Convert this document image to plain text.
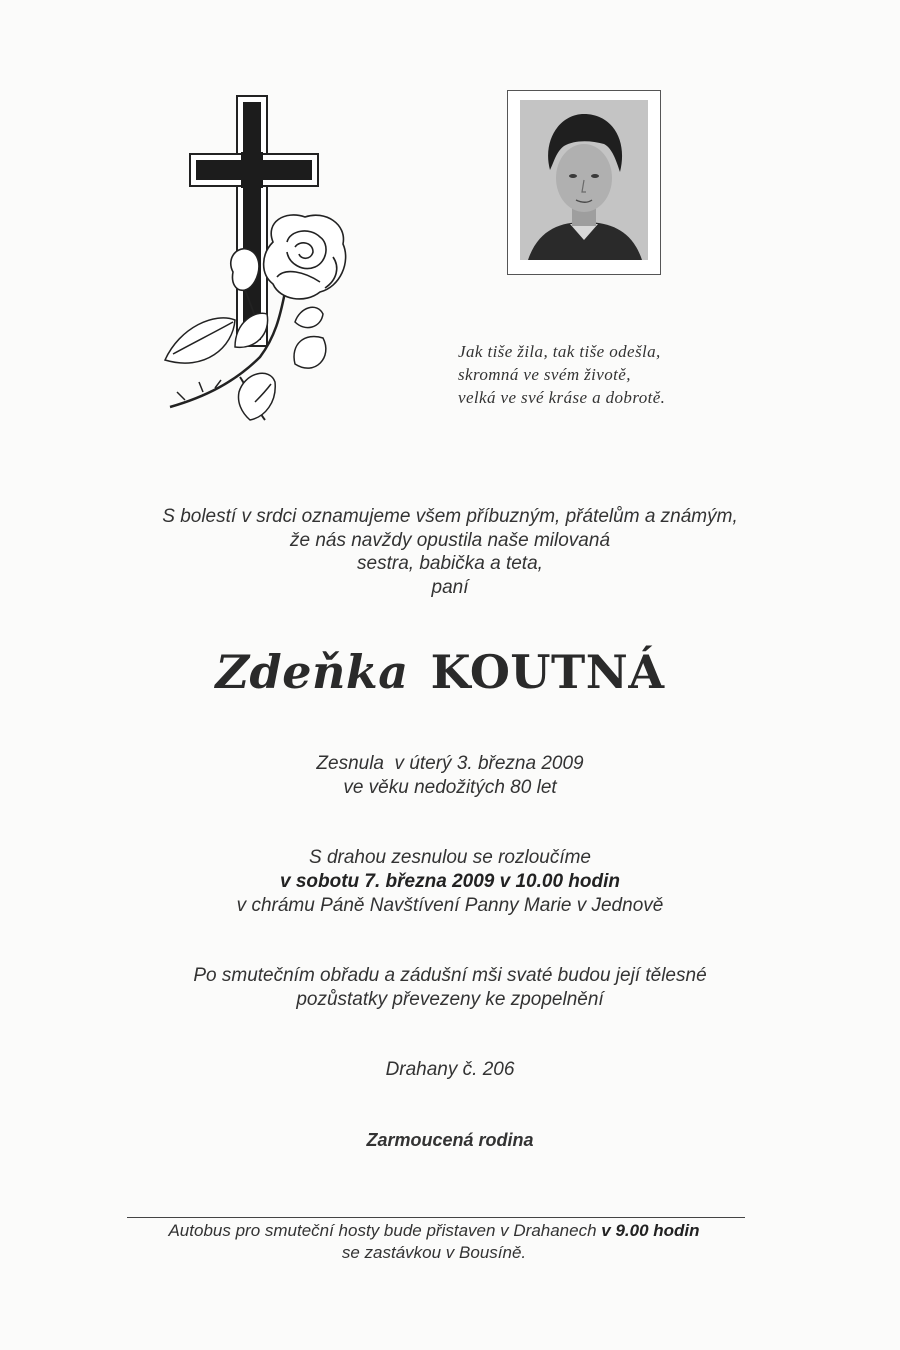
Jak tiše žila, tak tiše odešla,
skromná ve svém životě,
velká ve své kráse a dobrotě.
S bolestí v srdci oznamujeme všem příbuzným, přátelům a známým,
že nás navždy opustila naše milovaná
sestra, babička a teta,
paní
Zdeňka KOUTNÁ
Zesnula  v úterý 3. března 2009
ve věku nedožitých 80 let
S drahou zesnulou se rozloučíme
v sobotu 7. března 2009 v 10.00 hodin
v chrámu Páně Navštívení Panny Marie v Jednově
Po smutečním obřadu a zádušní mši svaté budou její tělesné
pozůstatky převezeny ke zpopelnění
Drahany č. 206
Zarmoucená rodina
Autobus pro smuteční hosty bude přistaven v Drahanech v 9.00 hodin
se zastávkou v Bousíně.
